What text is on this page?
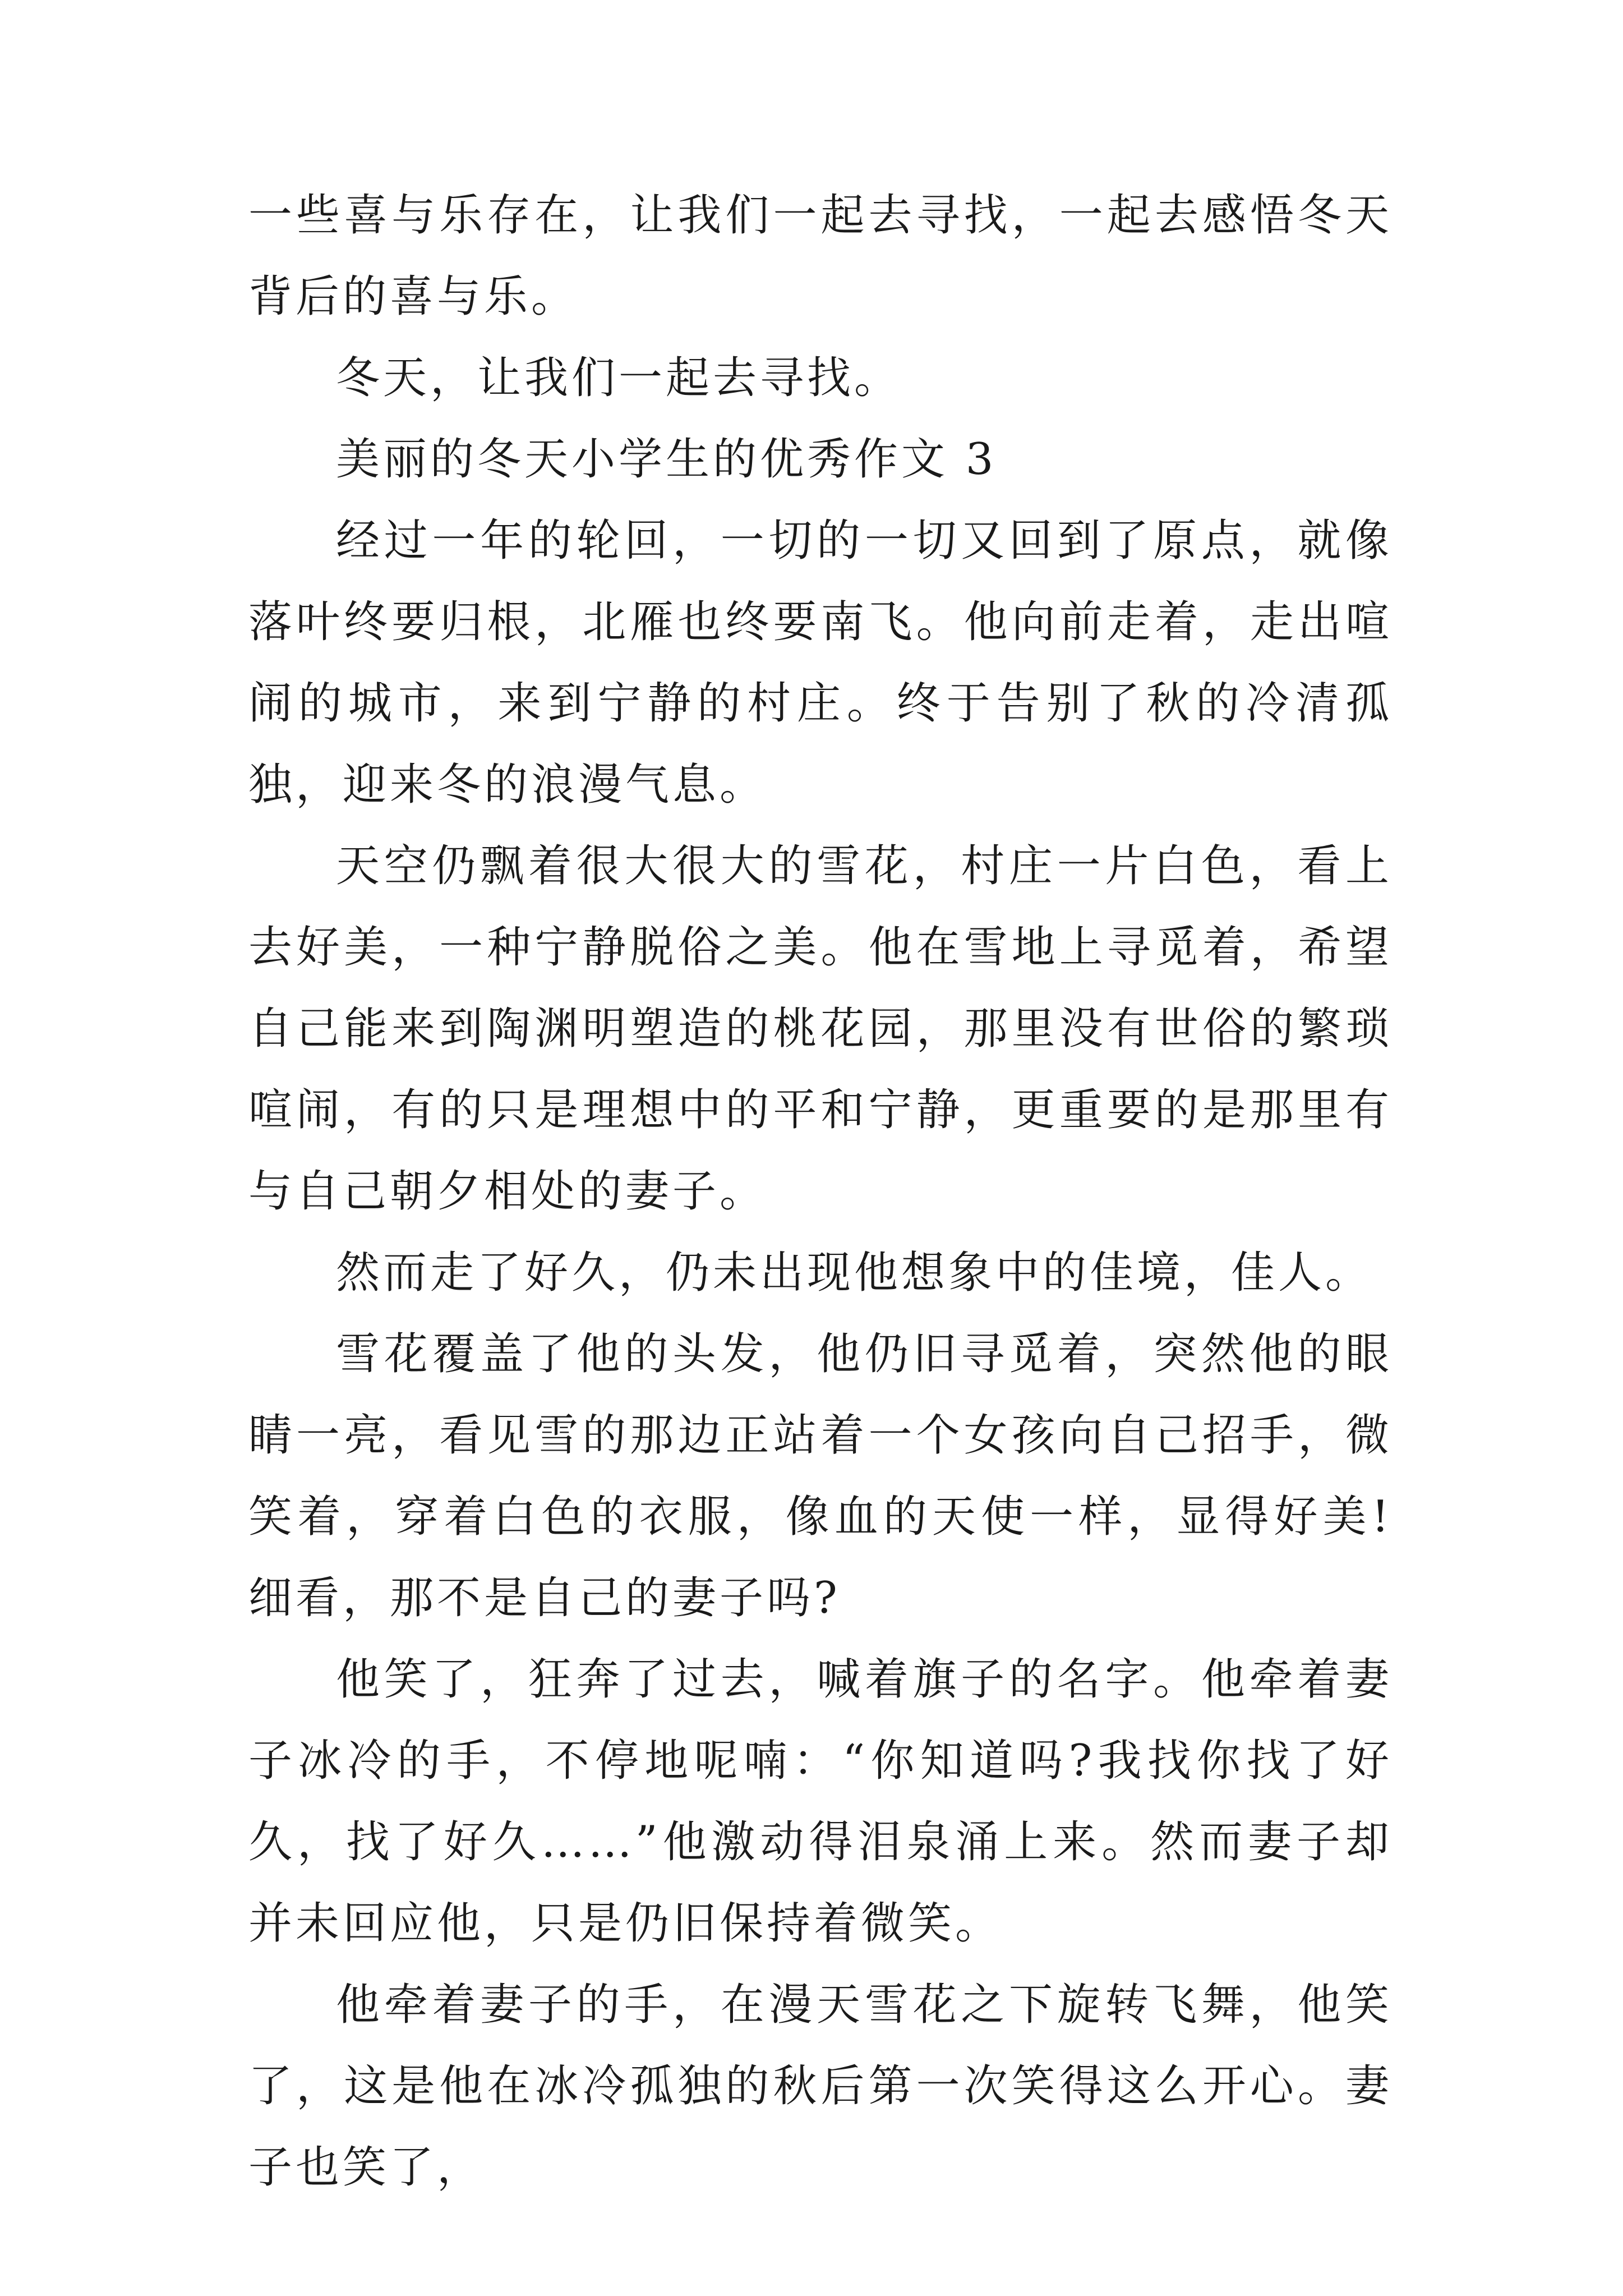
一些喜与乐存在，让我们一起去寻找，一起去感悟冬天背后的喜与乐。

冬天，让我们一起去寻找。

美丽的冬天小学生的优秀作文 3

经过一年的轮回，一切的一切又回到了原点，就像落叶终要归根，北雁也终要南飞。他向前走着，走出喧闹的城市，来到宁静的村庄。终于告别了秋的冷清孤独，迎来冬的浪漫气息。

天空仍飘着很大很大的雪花，村庄一片白色，看上去好美，一种宁静脱俗之美。他在雪地上寻觅着，希望自己能来到陶渊明塑造的桃花园，那里没有世俗的繁琐喧闹，有的只是理想中的平和宁静，更重要的是那里有与自己朝夕相处的妻子。

然而走了好久，仍未出现他想象中的佳境，佳人。

雪花覆盖了他的头发，他仍旧寻觅着，突然他的眼睛一亮，看见雪的那边正站着一个女孩向自己招手，微笑着，穿着白色的衣服，像血的天使一样，显得好美!细看，那不是自己的妻子吗?

他笑了，狂奔了过去，喊着旗子的名字。他牵着妻子冰冷的手，不停地呢喃：“你知道吗?我找你找了好久，找了好久……”他激动得泪泉涌上来。然而妻子却并未回应他，只是仍旧保持着微笑。

他牵着妻子的手，在漫天雪花之下旋转飞舞，他笑了，这是他在冰冷孤独的秋后第一次笑得这么开心。妻子也笑了，
